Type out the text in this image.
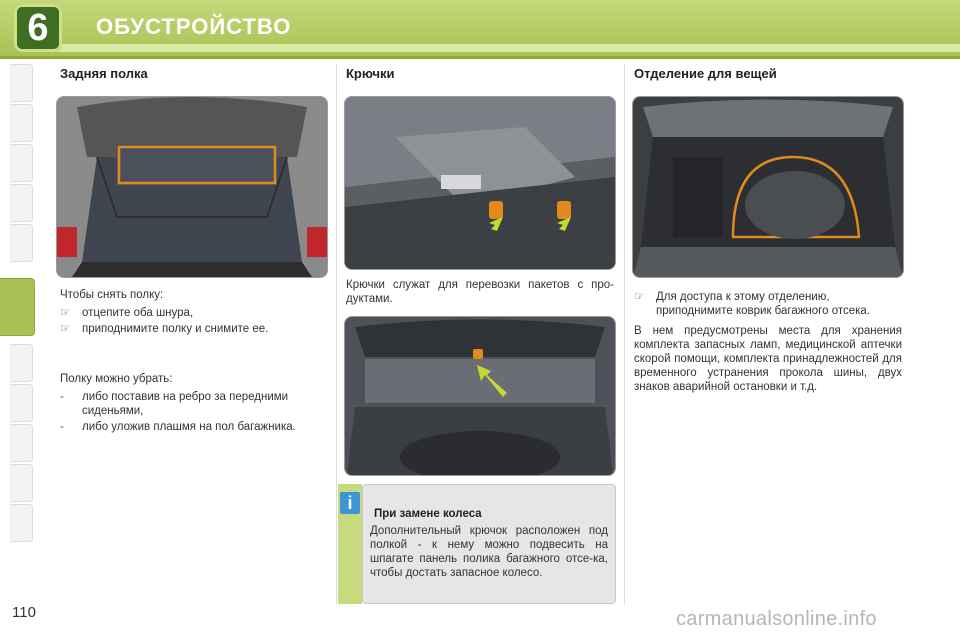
6	ОБУСТРОЙСТВО
Задняя полка

Чтобы снять полку:

☞	отцепите оба шнура,
☞	приподнимите полку и снимите ее.

Полку можно убрать:

-	либо поставив на ребро за передними сиденьями,
-	либо уложив плашмя на пол багажника.
110
Крючки

Крючки служат для перевозки пакетов с про-дуктами.

i
При замене колеса
Дополнительный крючок расположен под полкой - к нему можно подвесить на шпагате панель полика багажного отсе-ка, чтобы достать запасное колесо.
Отделение для вещей
☞	Для доступа к этому отделению, приподнимите коврик багажного отсека.

В нем предусмотрены места для хранения комплекта запасных ламп, медицинской аптечки скорой помощи, комплекта принадлежностей для временного устранения прокола шины, двух знаков аварийной остановки и т.д.

carmanualsonline.info
